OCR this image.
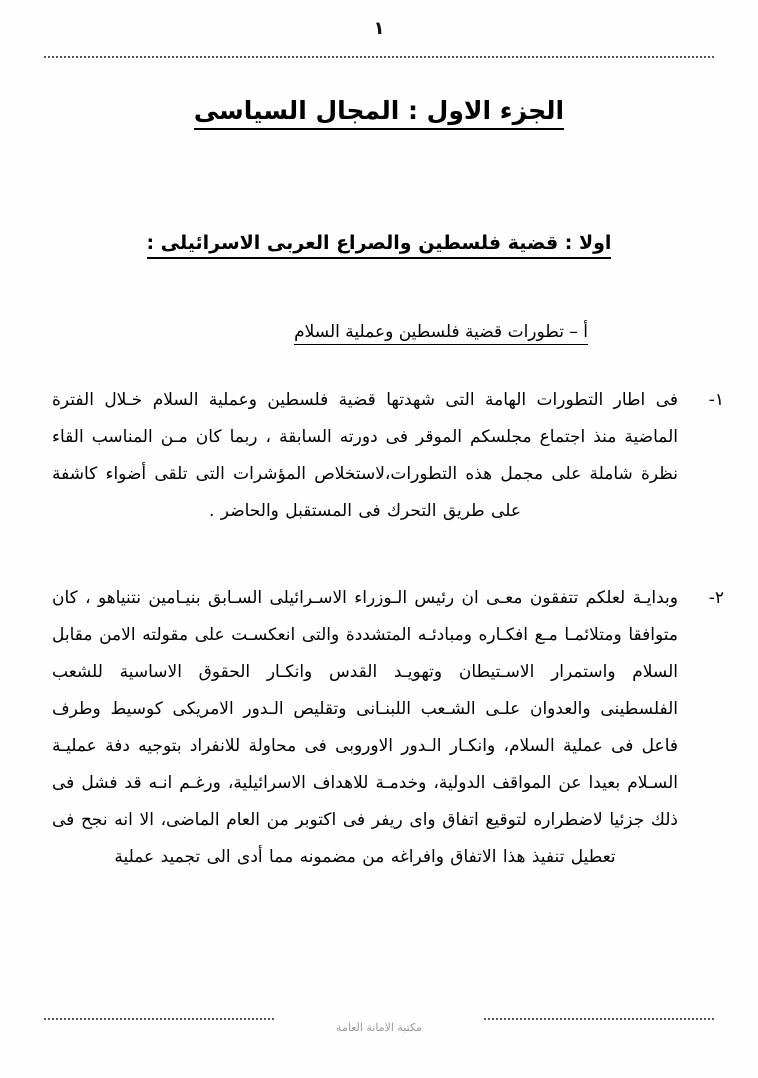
١
الجزء الاول : المجال السياسى
اولا : قضية فلسطين والصراع العربى الاسرائيلى :
أ – تطورات قضية فلسطين وعملية السلام
١-
فى اطار التطورات الهامة التى شهدتها قضية فلسطين وعملية السلام خـلال الفترة الماضية منذ اجتماع مجلسكم الموقر فى دورته السابقة ، ربما كان مـن المناسب القاء نظرة شاملة على مجمل هذه التطورات،لاستخلاص المؤشرات التى تلقى أضواء كاشفة على طريق التحرك فى المستقبل والحاضر .
٢-
وبدايـة لعلكم تتفقون معـى ان رئيس الـوزراء الاسـرائيلى السـابق بنيـامين نتنياهو ، كان متوافقا ومتلائمـا مـع افكـاره ومبادئـه المتشددة والتى انعكسـت على مقولته الامن مقابل السلام واستمرار الاسـتيطان وتهويـد القدس وانكـار الحقوق الاساسية للشعب الفلسطينى والعدوان علـى الشـعب اللبنـانى وتقليص الـدور الامريكى كوسيط وطرف فاعل فى عملية السلام، وانكـار الـدور الاوروبى فى محاولة للانفراد بتوجيه دفة عمليـة السـلام بعيدا عن المواقف الدولية، وخدمـة للاهداف الاسرائيلية، ورغـم انـه قد فشل فى ذلك جزئيا لاضطراره لتوقيع اتفاق واى ريفر فى اكتوبر من العام الماضى، الا انه نجح فى تعطيل تنفيذ هذا الاتفاق وافراغه من مضمونه مما أدى الى تجميد عملية
مكتبة الامانة العامة
